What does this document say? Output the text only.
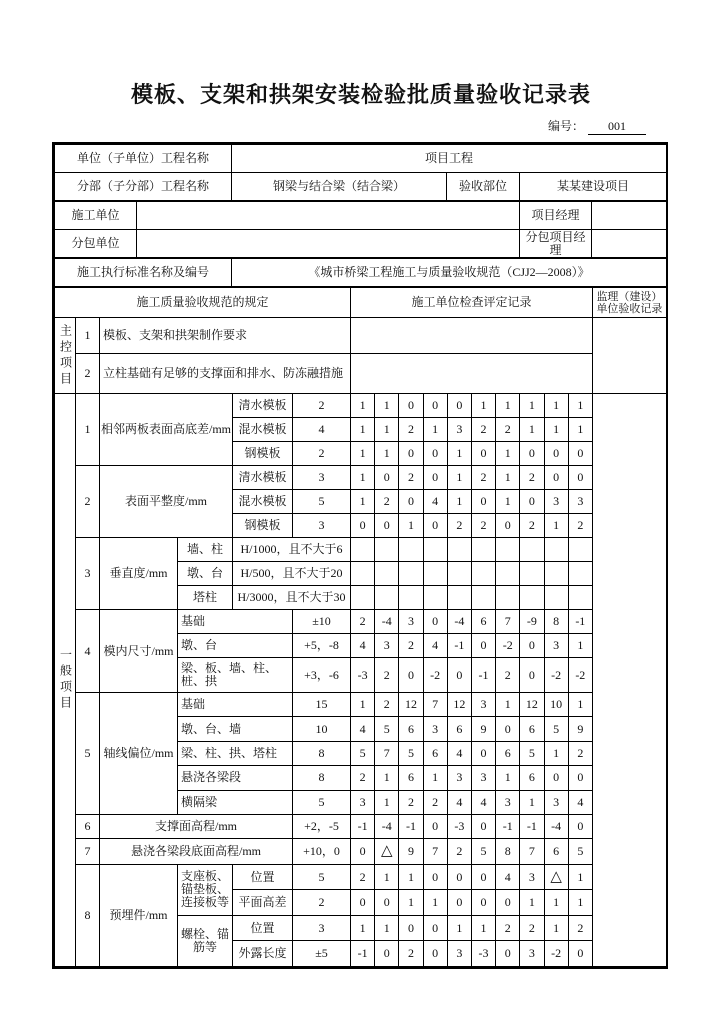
模板、支架和拱架安装检验批质量验收记录表
编号： 001
单位（子单位）工程名称	项目工程		
分部（子分部）工程名称	钢梁与结合梁（结合梁）	验收部位	某某建设项目
施工单位		项目经理	
分包单位		分包项目经理	
施工执行标准名称及编号	《城市桥梁工程施工与质量验收规范（CJJ2—2008）》
施工质量验收规范的规定						施工单位检查评定记录										监理（建设）单位验收记录
主控项目	1	模板、支架和拱架制作要求														
	2	立柱基础有足够的支撑面和排水、防冻融措施														
一般项目	1	相邻两板表面高底差/mm		清水模板	2	1	1	0	0	0	1	1	1	1	1	
				混水模板	4	1	1	2	1	3	2	2	1	1	1	
				钢模板	2	1	1	0	0	1	0	1	0	0	0	
	2	表面平整度/mm		清水模板	3	1	0	2	0	1	2	1	2	0	0	
				混水模板	5	1	2	0	4	1	0	1	0	3	3	
				钢模板	3	0	0	1	0	2	2	0	2	1	2	
	3	垂直度/mm	墙、柱	H/1000，且不大于6												
			墩、台	H/500，且不大于20												
			塔柱	H/3000，且不大于30												
	4	模内尺寸/mm	基础		±10	2	-4	3	0	-4	6	7	-9	8	-1	
			墩、台		+5，-8	4	3	2	4	-1	0	-2	0	3	1	
			梁、板、墙、柱、桩、拱		+3，-6	-3	2	0	-2	0	-1	2	0	-2	-2	
	5	轴线偏位/mm	基础		15	1	2	12	7	12	3	1	12	10	1	
			墩、台、墙		10	4	5	6	3	6	9	0	6	5	9	
			梁、柱、拱、塔柱		8	5	7	5	6	4	0	6	5	1	2	
			悬浇各梁段		8	2	1	6	1	3	3	1	6	0	0	
			横隔梁		5	3	1	2	2	4	4	3	1	3	4	
	6	支撑面高程/mm			+2，-5	-1	-4	-1	0	-3	0	-1	-1	-4	0	
	7	悬浇各梁段底面高程/mm			+10，0	0	△	9	7	2	5	8	7	6	5	
	8	预埋件/mm	支座板、锚垫板、连接板等	位置	5	2	1	1	0	0	0	4	3	△	1	
				平面高差	2	0	0	1	1	0	0	0	1	1	1	
			螺栓、锚筋等	位置	3	1	1	0	0	1	1	2	2	1	2	
				外露长度	±5	-1	0	2	0	3	-3	0	3	-2	0	
